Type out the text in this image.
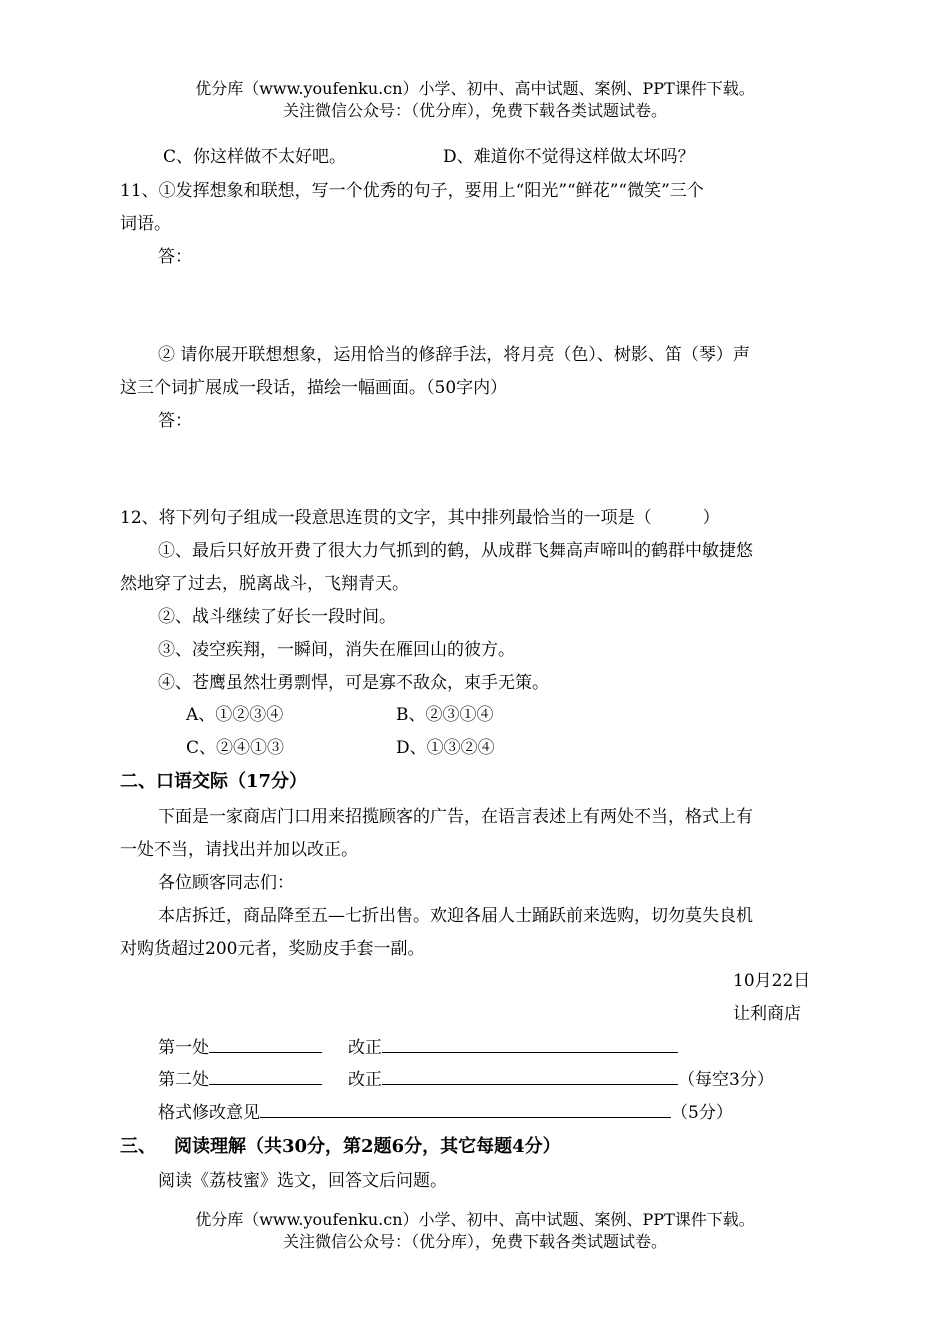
优分库（www.youfenku.cn）小学、初中、高中试题、案例、PPT课件下载。
关注微信公众号：（优分库），免费下载各类试题试卷。
C、你这样做不太好吧。	D、难道你不觉得这样做太坏吗？
11、①发挥想象和联想，写一个优秀的句子，要用上“阳光”“鲜花”“微笑”三个
词语。
答：
② 请你展开联想想象，运用恰当的修辞手法，将月亮（色）、树影、笛（琴）声
这三个词扩展成一段话，描绘一幅画面。（50字内）
答：
12、将下列句子组成一段意思连贯的文字，其中排列最恰当的一项是（　　　）
①、最后只好放开费了很大力气抓到的鹤，从成群飞舞高声啼叫的鹤群中敏捷悠
然地穿了过去，脱离战斗，飞翔青天。
②、战斗继续了好长一段时间。
③、凌空疾翔，一瞬间，消失在雁回山的彼方。
④、苍鹰虽然壮勇剽悍，可是寡不敌众，束手无策。
A、①②③④	B、②③①④
C、②④①③	D、①③②④
二、口语交际（17分）
下面是一家商店门口用来招揽顾客的广告，在语言表述上有两处不当，格式上有
一处不当，请找出并加以改正。
各位顾客同志们：
本店拆迁，商品降至五—七折出售。欢迎各届人士踊跃前来选购，切勿莫失良机
对购货超过200元者，奖励皮手套一副。
10月22日
让利商店
第一处	改正
第二处	改正	（每空3分）
格式修改意见	（5分）
三、 阅读理解（共30分，第2题6分，其它每题4分）
阅读《荔枝蜜》选文，回答文后问题。
优分库（www.youfenku.cn）小学、初中、高中试题、案例、PPT课件下载。
关注微信公众号：（优分库），免费下载各类试题试卷。
